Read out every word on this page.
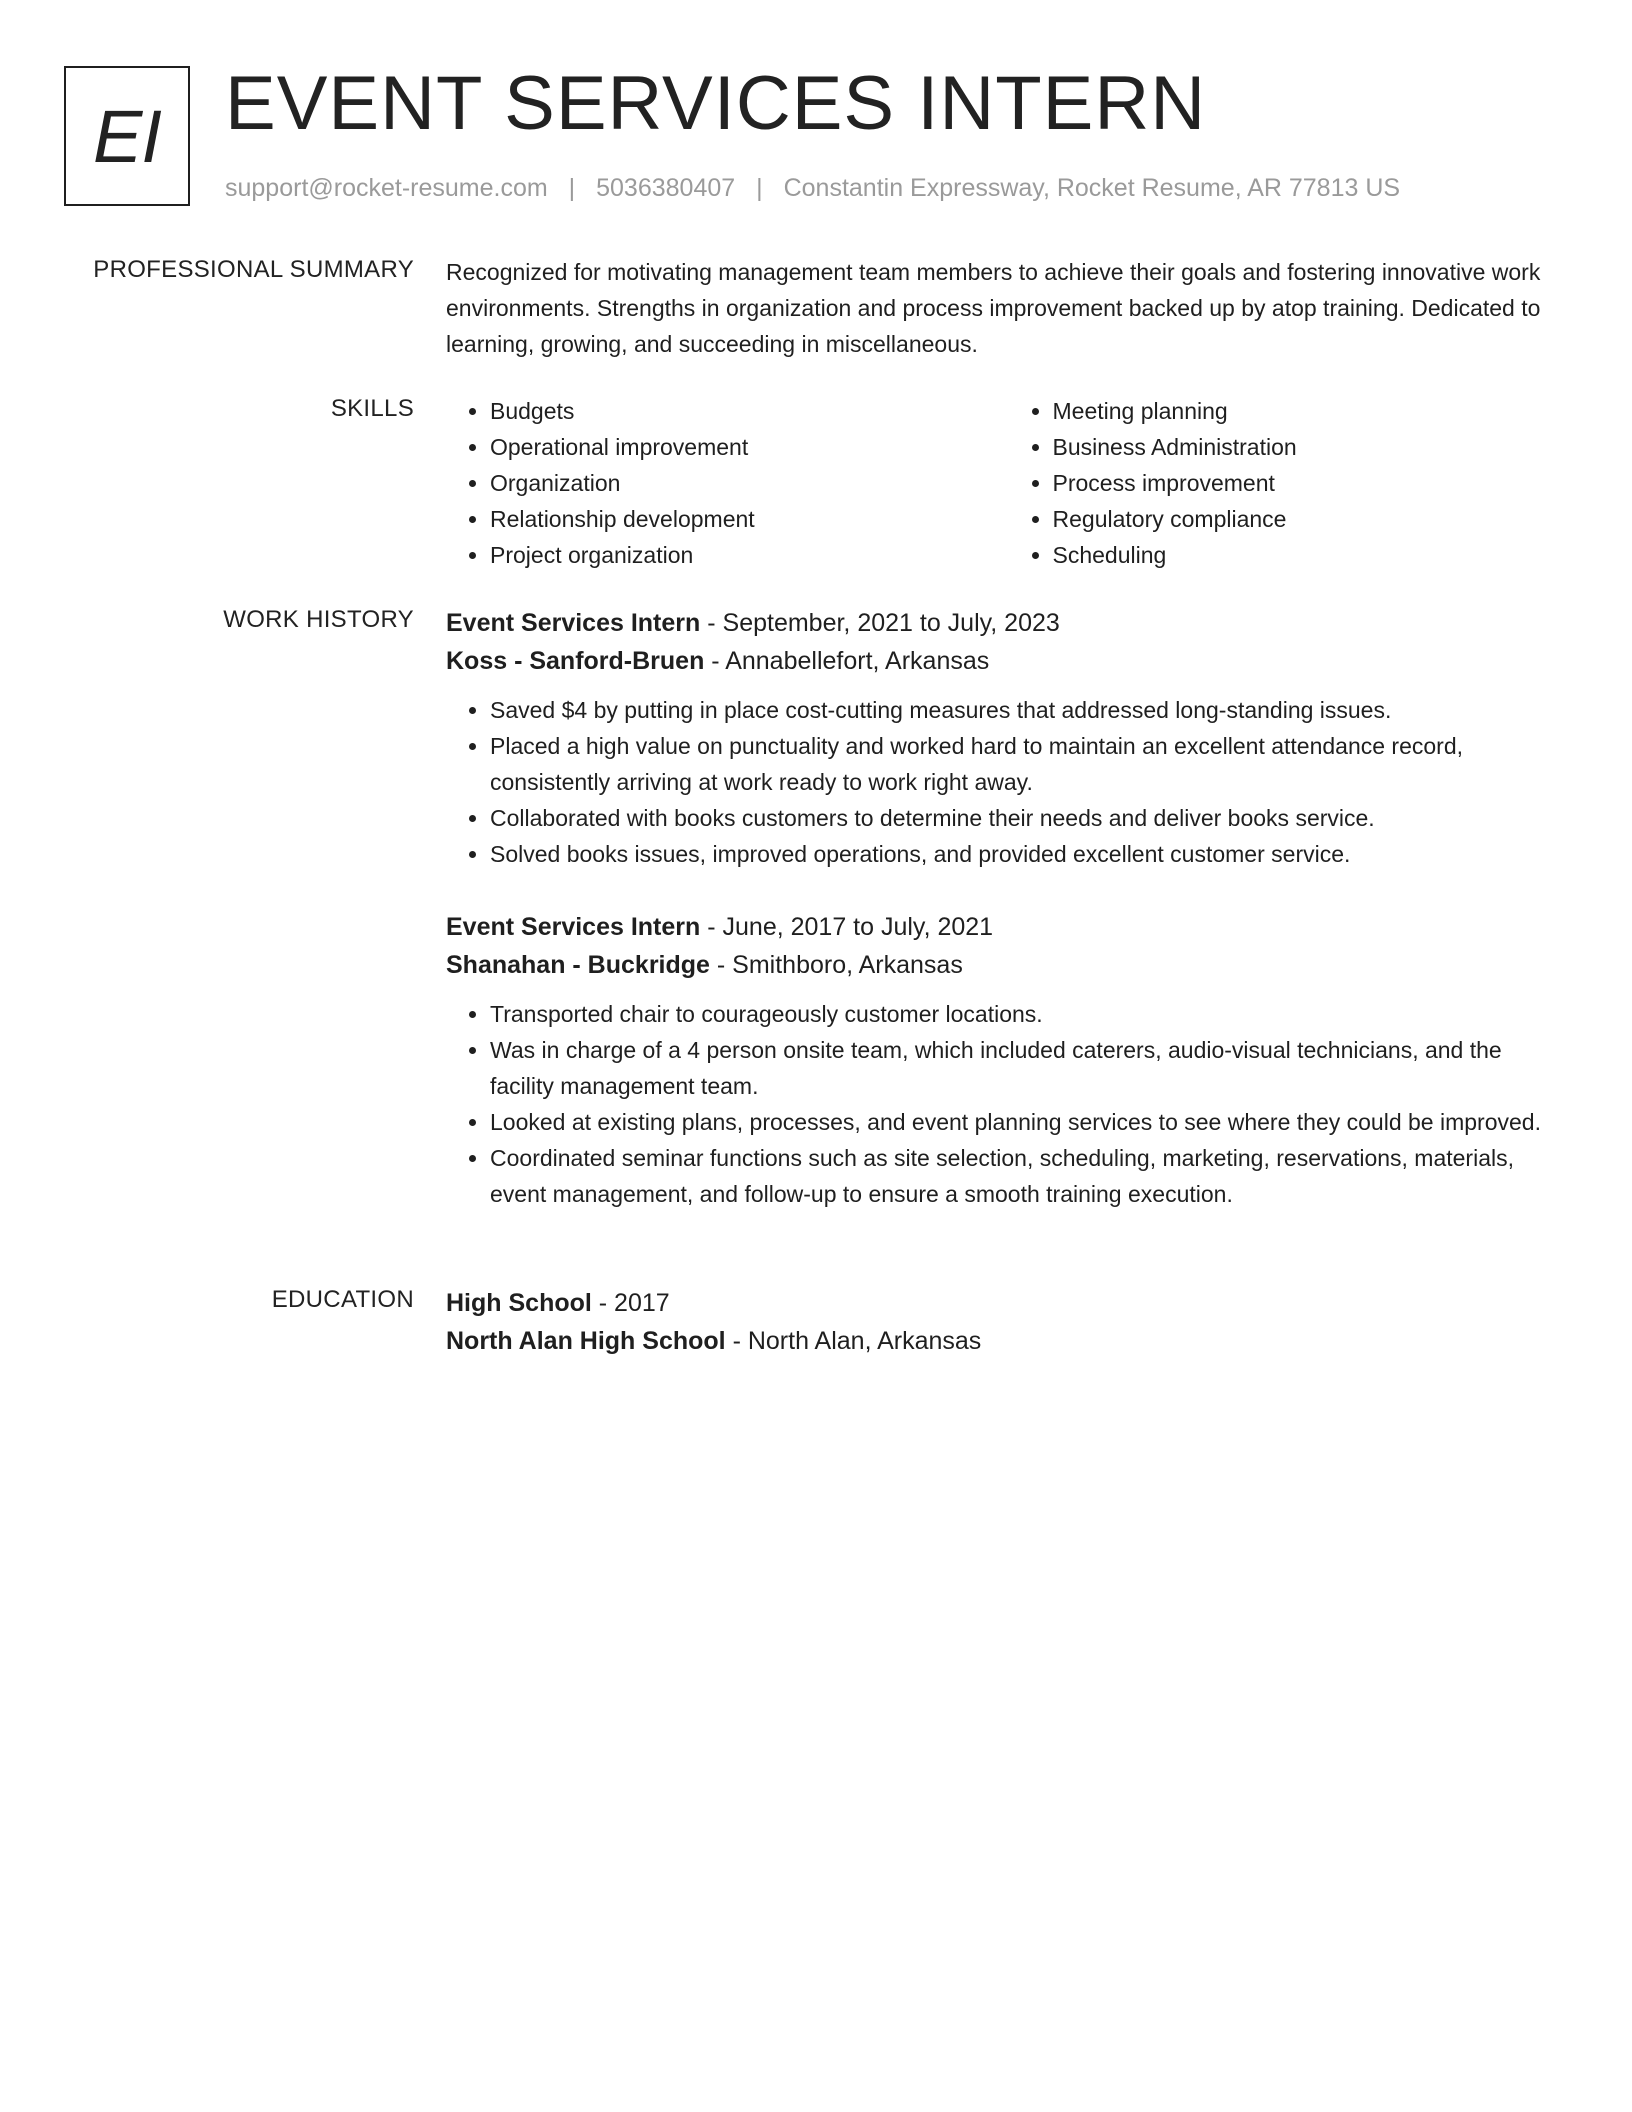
EI EVENT SERVICES INTERN
support@rocket-resume.com | 5036380407 | Constantin Expressway, Rocket Resume, AR 77813 US
PROFESSIONAL SUMMARY Recognized for motivating management team members to achieve their goals and fostering innovative work environments. Strengths in organization and process improvement backed up by atop training. Dedicated to learning, growing, and succeeding in miscellaneous.

SKILLS
•	Budgets
• Operational improvement
• Organization
• Relationship development
• Project organization
• Meeting planning
• Business Administration
• Process improvement
• Regulatory compliance
• Scheduling
WORK HISTORY Event Services Intern - September, 2021 to July, 2023

Koss - Sanford-Bruen - Annabellefort, Arkansas

• Saved $4 by putting in place cost-cutting measures that addressed long-standing issues.
• Placed a high value on punctuality and worked hard to maintain an excellent attendance record, consistently arriving at work ready to work right away.
• Collaborated with books customers to determine their needs and deliver books service.
• Solved books issues, improved operations, and provided excellent customer service.

Event Services Intern - June, 2017 to July, 2021

Shanahan - Buckridge - Smithboro, Arkansas

• Transported chair to courageously customer locations.
• Was in charge of a 4 person onsite team, which included caterers, audio-visual technicians, and the facility management team.
• Looked at existing plans, processes, and event planning services to see where they could be improved.
• Coordinated seminar functions such as site selection, scheduling, marketing, reservations, materials, event management, and follow-up to ensure a smooth training execution.
EDUCATION High School - 2017

North Alan High School - North Alan, Arkansas
